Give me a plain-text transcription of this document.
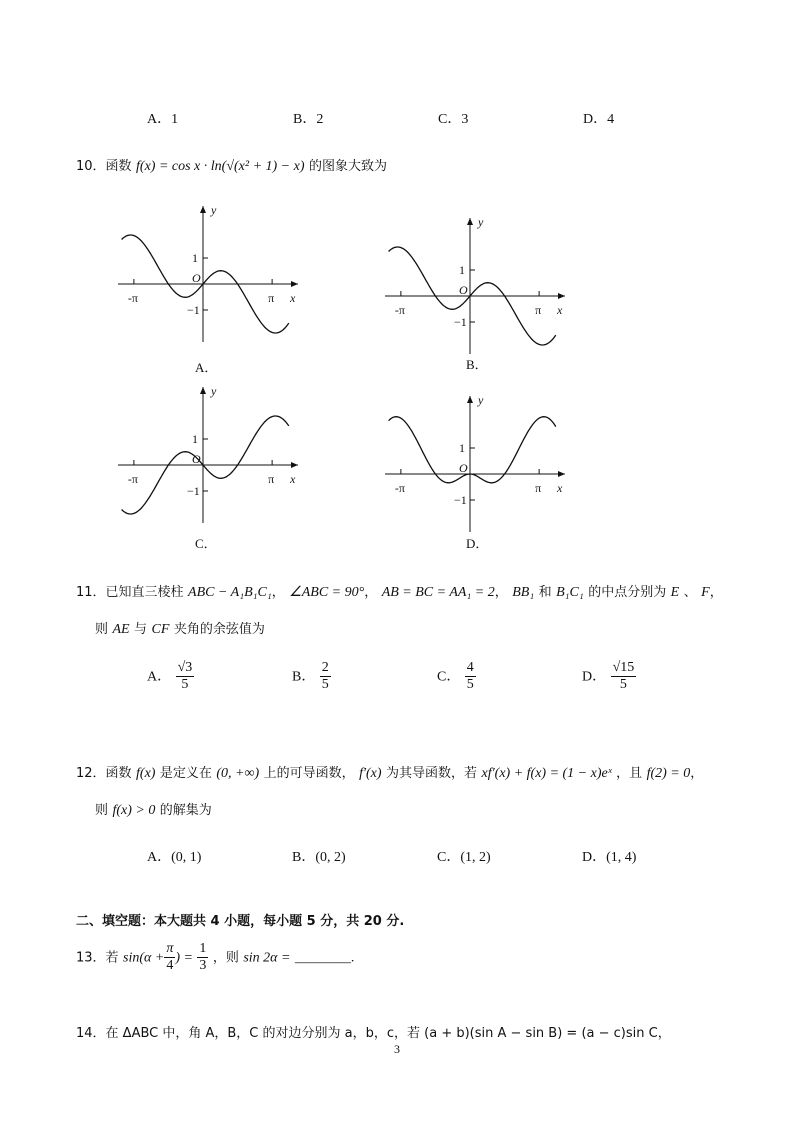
A．1	B．2	C．3	D．4
10．函数 f(x) = cos x · ln(√(x² + 1) − x) 的图象大致为
-π	π x
y
1
−1
O
-π	π x
y
1
−1
O
-π	π x
y
1
−1
O
-π	π x
y
1
−1
O
A．	B．
C．	D．
11．已知直三棱柱 ABC − A₁B₁C₁， ∠ABC = 90°， AB = BC = AA₁ = 2， BB₁ 和 B₁C₁ 的中点分别为 E 、 F，
则 AE 与 CF 夹角的余弦值为
A． $\frac{√3}{5}$	B． $\frac{2}{5}$	C． $\frac{4}{5}$	D． $\frac{√15}{5}$
12．函数 f(x) 是定义在 (0, +∞) 上的可导函数， f′(x) 为其导函数，若 xf′(x) + f(x) = (1 − x)eˣ ，且 f(2) = 0，
则 f(x) > 0 的解集为
A．(0, 1)	B．(0, 2)	C．(1, 2)	D．(1, 4)
二、填空题：本大题共 4 小题，每小题 5 分，共 20 分.
13．若 $\sin(\alpha + \frac{\pi}{4}$ ) = $\frac{1}{3}$ ，则 sin 2α = ________.
14．在 ΔABC 中，角 A，B，C 的对边分别为 a，b，c，若 (a + b)(sin A − sin B) = (a − c)sin C，
3
